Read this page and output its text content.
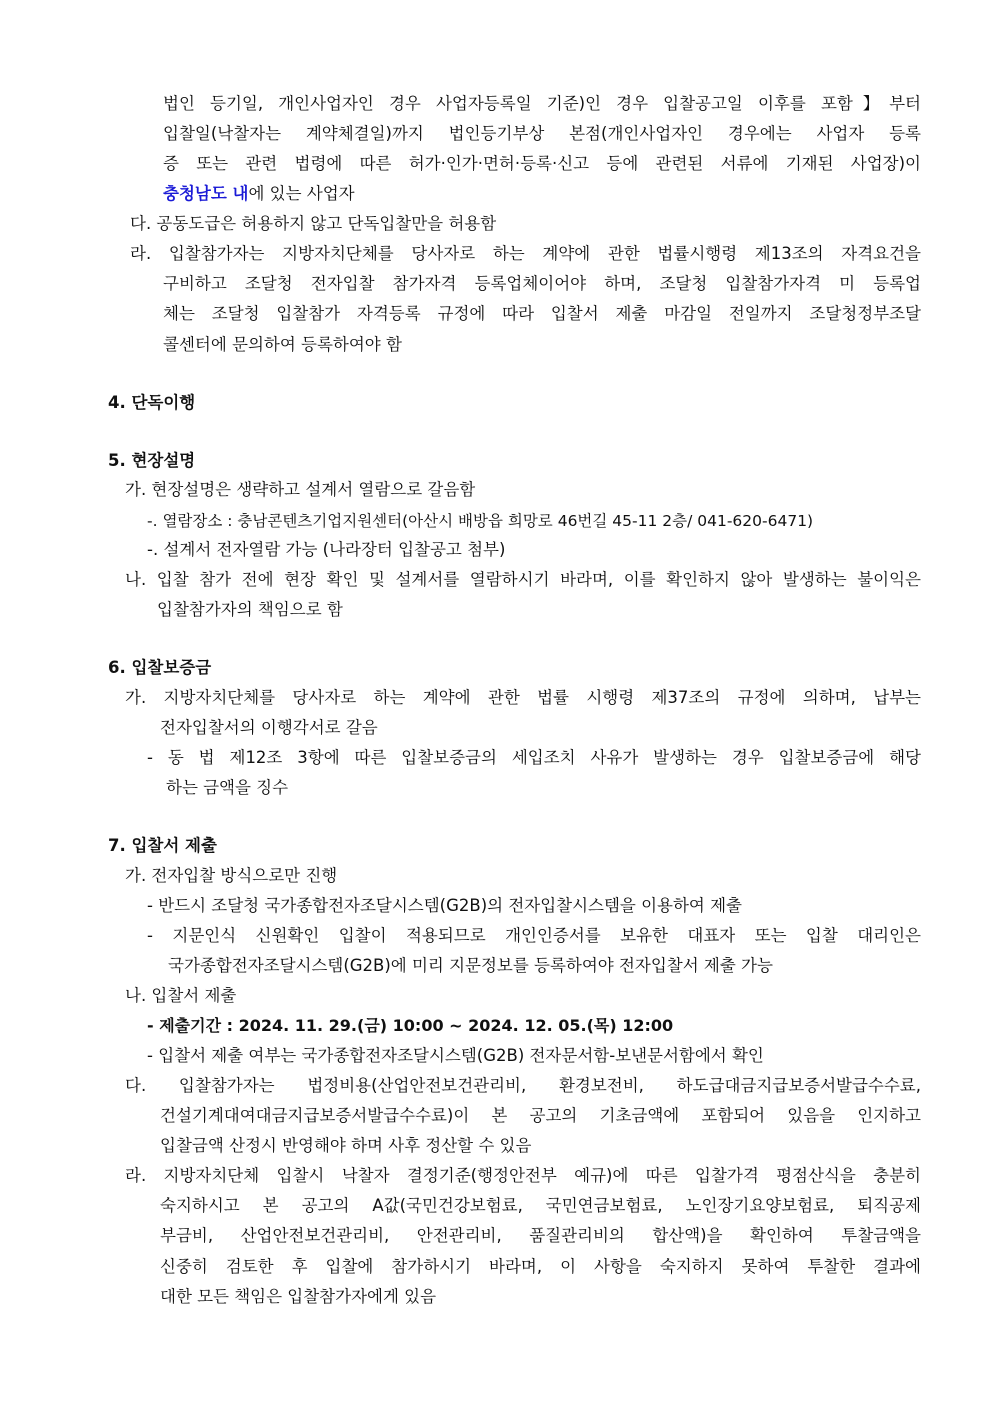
법인 등기일, 개인사업자인 경우 사업자등록일 기준)인 경우 입찰공고일 이후를 포함】부터
입찰일(낙찰자는 계약체결일)까지 법인등기부상 본점(개인사업자인 경우에는 사업자 등록
증 또는 관련 법령에 따른 허가·인가·면허·등록·신고 등에 관련된 서류에 기재된 사업장)이
충청남도 내에 있는 사업자
다. 공동도급은 허용하지 않고 단독입찰만을 허용함
라. 입찰참가자는 지방자치단체를 당사자로 하는 계약에 관한 법률시행령 제13조의 자격요건을
구비하고 조달청 전자입찰 참가자격 등록업체이어야 하며, 조달청 입찰참가자격 미 등록업
체는 조달청 입찰참가 자격등록 규정에 따라 입찰서 제출 마감일 전일까지 조달청정부조달
콜센터에 문의하여 등록하여야 함
4. 단독이행
5. 현장설명
가. 현장설명은 생략하고 설계서 열람으로 갈음함
-. 열람장소 : 충남콘텐츠기업지원센터(아산시 배방읍 희망로 46번길 45-11 2층/ 041-620-6471)
-. 설계서 전자열람 가능 (나라장터 입찰공고 첨부)
나. 입찰 참가 전에 현장 확인 및 설계서를 열람하시기 바라며, 이를 확인하지 않아 발생하는 불이익은
입찰참가자의 책임으로 함
6. 입찰보증금
가. 지방자치단체를 당사자로 하는 계약에 관한 법률 시행령 제37조의 규정에 의하며, 납부는
전자입찰서의 이행각서로 갈음
- 동 법 제12조 3항에 따른 입찰보증금의 세입조치 사유가 발생하는 경우 입찰보증금에 해당
하는 금액을 징수
7. 입찰서 제출
가. 전자입찰 방식으로만 진행
- 반드시 조달청 국가종합전자조달시스템(G2B)의 전자입찰시스템을 이용하여 제출
- 지문인식 신원확인 입찰이 적용되므로 개인인증서를 보유한 대표자 또는 입찰 대리인은
국가종합전자조달시스템(G2B)에 미리 지문정보를 등록하여야 전자입찰서 제출 가능
나. 입찰서 제출
- 제출기간 : 2024. 11. 29.(금) 10:00 ~ 2024. 12. 05.(목) 12:00
- 입찰서 제출 여부는 국가종합전자조달시스템(G2B) 전자문서함-보낸문서함에서 확인
다. 입찰참가자는 법정비용(산업안전보건관리비, 환경보전비, 하도급대금지급보증서발급수수료,
건설기계대여대금지급보증서발급수수료)이 본 공고의 기초금액에 포함되어 있음을 인지하고
입찰금액 산정시 반영해야 하며 사후 정산할 수 있음
라. 지방자치단체 입찰시 낙찰자 결정기준(행정안전부 예규)에 따른 입찰가격 평점산식을 충분히
숙지하시고 본 공고의 A값(국민건강보험료, 국민연금보험료, 노인장기요양보험료, 퇴직공제
부금비, 산업안전보건관리비, 안전관리비, 품질관리비의 합산액)을 확인하여 투찰금액을
신중히 검토한 후 입찰에 참가하시기 바라며, 이 사항을 숙지하지 못하여 투찰한 결과에
대한 모든 책임은 입찰참가자에게 있음
